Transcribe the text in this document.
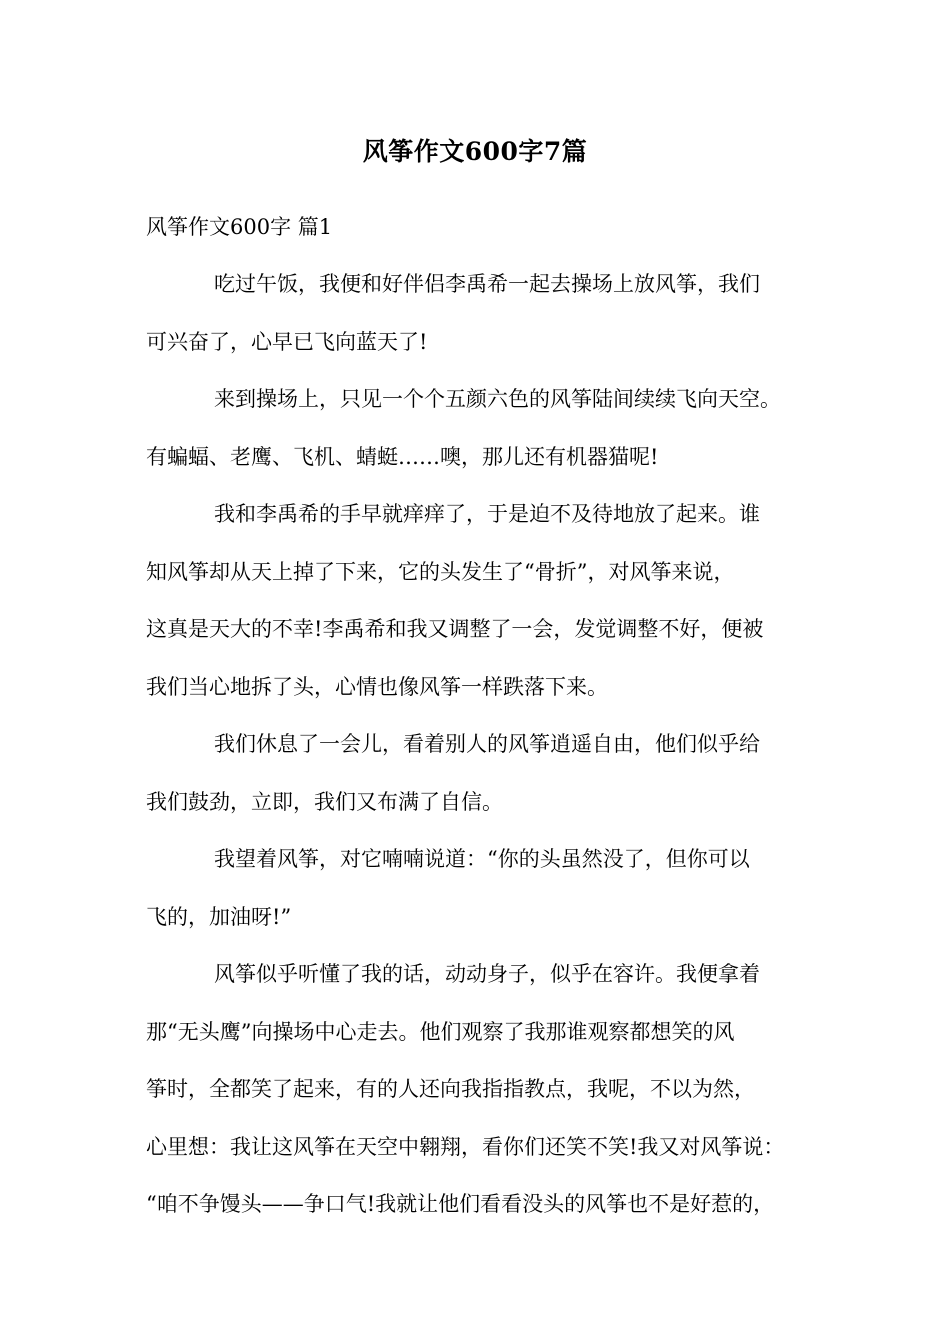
风筝作文600字7篇
风筝作文600字 篇1
吃过午饭，我便和好伴侣李禹希一起去操场上放风筝，我们
可兴奋了，心早已飞向蓝天了!
来到操场上，只见一个个五颜六色的风筝陆间续续飞向天空。
有蝙蝠、老鹰、飞机、蜻蜓……噢，那儿还有机器猫呢!
我和李禹希的手早就痒痒了，于是迫不及待地放了起来。谁
知风筝却从天上掉了下来，它的头发生了“骨折”，对风筝来说，
这真是天大的不幸!李禹希和我又调整了一会，发觉调整不好，便被
我们当心地拆了头，心情也像风筝一样跌落下来。
我们休息了一会儿，看着别人的风筝逍遥自由，他们似乎给
我们鼓劲，立即，我们又布满了自信。
我望着风筝，对它喃喃说道：“你的头虽然没了，但你可以
飞的，加油呀!”
风筝似乎听懂了我的话，动动身子，似乎在容许。我便拿着
那“无头鹰”向操场中心走去。他们观察了我那谁观察都想笑的风
筝时，全都笑了起来，有的人还向我指指教点，我呢，不以为然，
心里想：我让这风筝在天空中翱翔，看你们还笑不笑!我又对风筝说：
“咱不争馒头——争口气!我就让他们看看没头的风筝也不是好惹的，
